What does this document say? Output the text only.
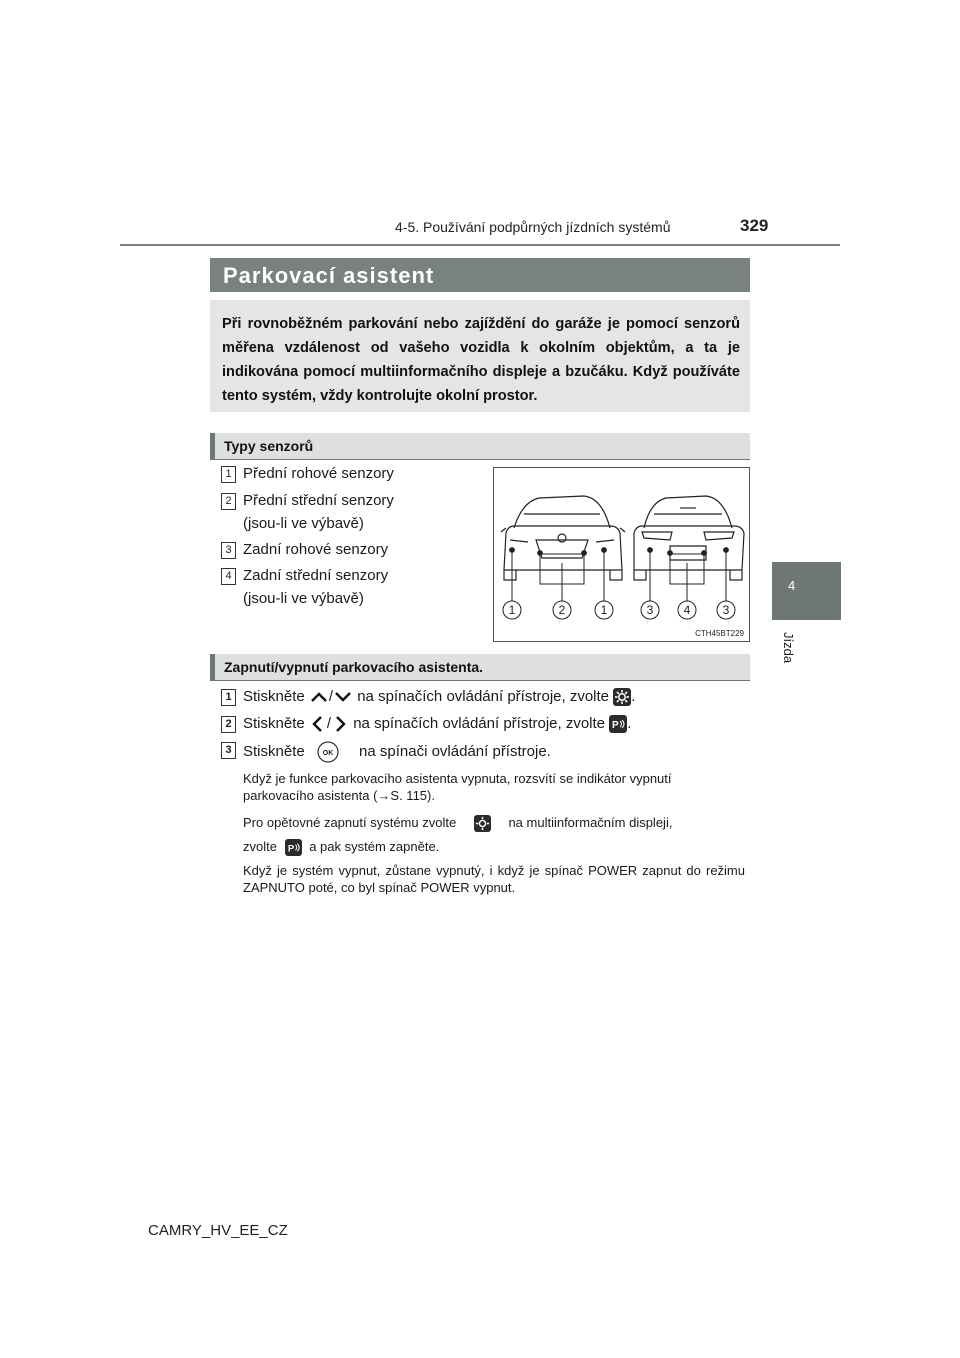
4-5. Používání podpůrných jízdních systémů	329
4
Jízda
Parkovací asistent
Při rovnoběžném parkování nebo zajíždění do garáže je pomocí senzorů měřena vzdálenost od vašeho vozidla k okolním objektům, a ta je indikována pomocí multiinformačního displeje a bzučáku. Když používáte tento systém, vždy kontrolujte okolní prostor.
Typy senzorů
1 Přední rohové senzory
2 Přední střední senzory
(jsou-li ve výbavě)
3 Zadní rohové senzory
4 Zadní střední senzory
(jsou-li ve výbavě)
1	2	1	3	4	3
CTH45BT229
Zapnutí/vypnutí parkovacího asistenta.
1 Stiskněte / na spínačích ovládání přístroje, zvolte .
2 Stiskněte / na spínačích ovládání přístroje, zvolte P .
3 Stiskněte	OK na spínači ovládání přístroje.
Když je funkce parkovacího asistenta vypnuta, rozsvítí se indikátor vypnutí parkovacího asistenta (→S. 115).
Pro opětovné zapnutí systému zvolte	na multiinformačním displeji,
zvolte P a pak systém zapněte.
Když je systém vypnut, zůstane vypnutý, i když je spínač POWER zapnut do režimu ZAPNUTO poté, co byl spínač POWER vypnut.
CAMRY_HV_EE_CZ
